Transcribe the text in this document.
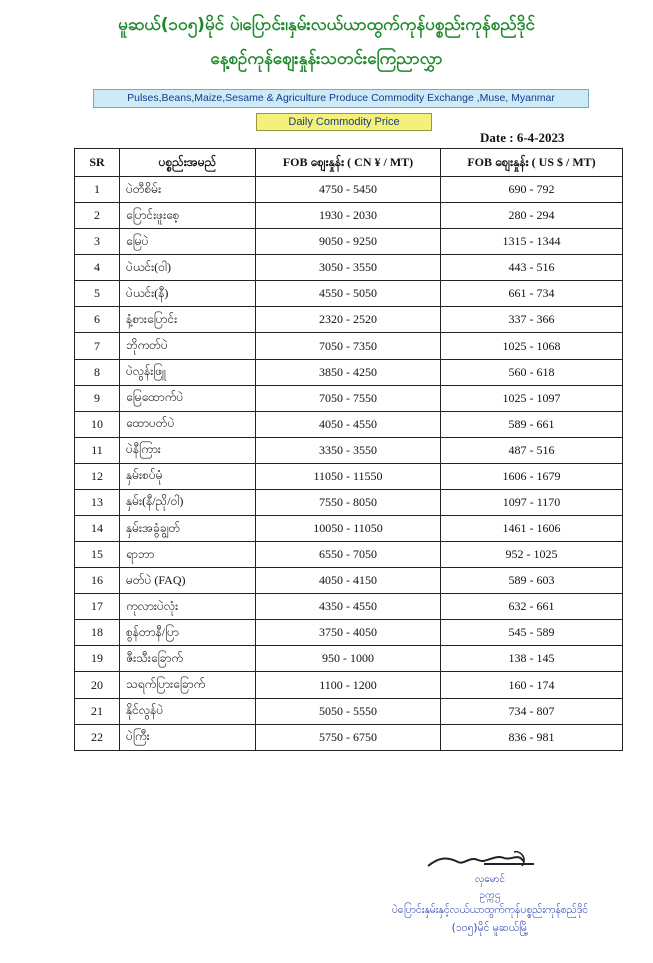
မူဆယ်(၁၀၅)မိုင် ပဲ၊ပြောင်း၊နှမ်းလယ်ယာထွက်ကုန်ပစ္စည်းကုန်စည်ဒိုင်
နေ့စဉ်ကုန်စျေးနှုန်းသတင်းကြေညာလွှာ
Pulses,Beans,Maize,Sesame & Agriculture Produce Commodity Exchange ,Muse, Myanmar
Daily Commodity Price
Date : 6-4-2023
SR	ပစ္စည်းအမည်	FOB စျေးနှုန်း ( CN ¥ / MT)	FOB စျေးနှုန်း ( US $ / MT)
1	ပဲတီစိမ်း	4750 - 5450	690 - 792
2	ပြောင်းဖူးစေ့	1930 - 2030	280 - 294
3	မြေပဲ	9050 - 9250	1315 - 1344
4	ပဲယင်း(ဝါ)	3050 - 3550	443 - 516
5	ပဲယင်း(နီ)	4550 - 5050	661 - 734
6	နံ့စားပြောင်း	2320 - 2520	337 - 366
7	ဘိုကတ်ပဲ	7050 - 7350	1025 - 1068
8	ပဲလွန်းဖြူ	3850 - 4250	560 - 618
9	မြေထောက်ပဲ	7050 - 7550	1025 - 1097
10	ထောပတ်ပဲ	4050 - 4550	589 - 661
11	ပဲနီကြား	3350 - 3550	487 - 516
12	နှမ်းစပ်မုံ	11050 - 11550	1606 - 1679
13	နှမ်း(နီ/ညို/ဝါ)	7550 - 8050	1097 - 1170
14	နှမ်းအခွံချွတ်	10050 - 11050	1461 - 1606
15	ရာဘာ	6550 - 7050	952 - 1025
16	မတ်ပဲ (FAQ)	4050 - 4150	589 - 603
17	ကုလားပဲလုံး	4350 - 4550	632 - 661
18	စွန်တာနီ/ပြာ	3750 - 4050	545 - 589
19	ဇီးသီးခြောက်	950 - 1000	138 - 145
20	သရက်ပြားခြောက်	1100 - 1200	160 - 174
21	နိုင်လွန်ပဲ	5050 - 5550	734 - 807
22	ပဲကြီး	5750 - 6750	836 - 981
လှမောင်
ဥက္ကဌ
ပဲပြောင်းနှမ်းနှင့်လယ်ယာထွက်ကုန်ပစ္စည်းကုန်စည်ဒိုင်
(၁၀၅)မိုင် မူဆယ်မြို့
